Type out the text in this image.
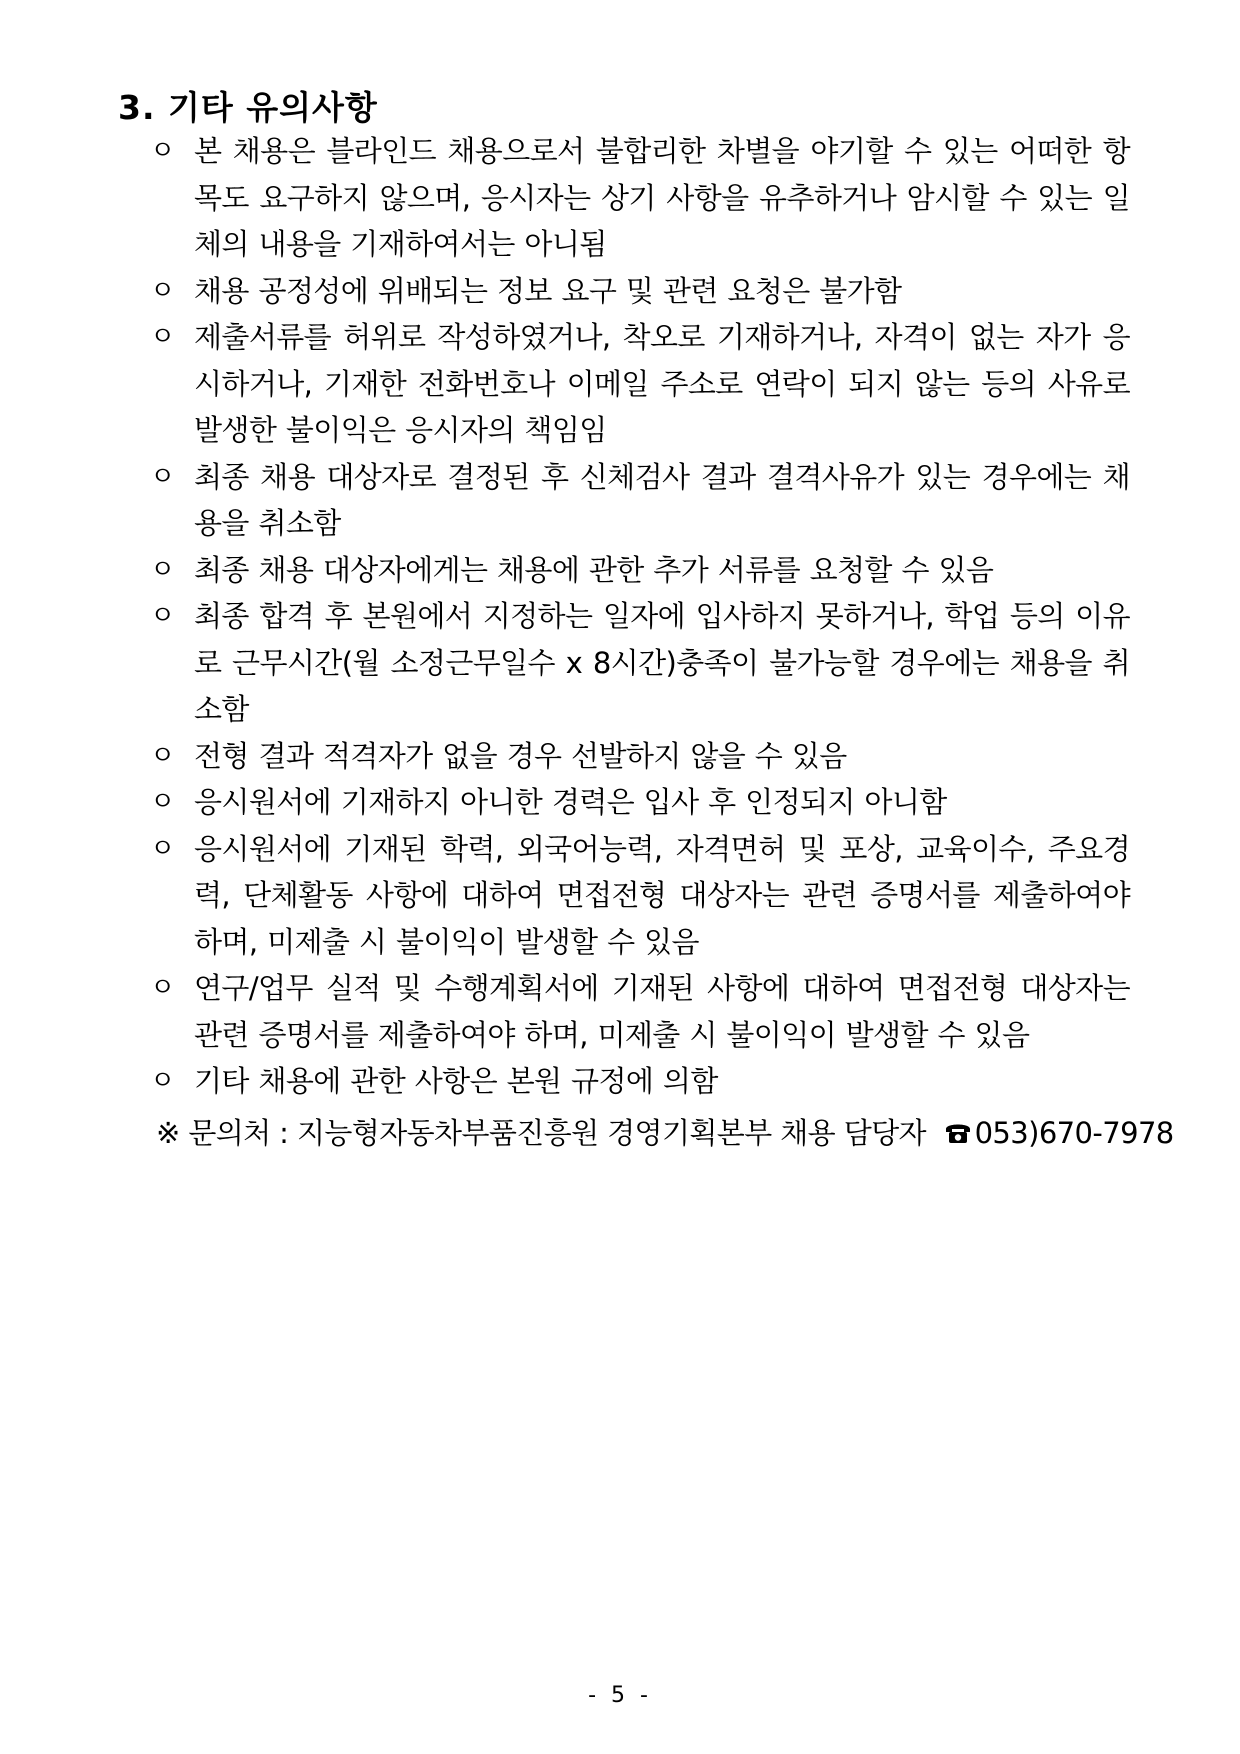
3. 기타 유의사항
ㅇ 본 채용은 블라인드 채용으로서 불합리한 차별을 야기할 수 있는 어떠한 항목도 요구하지 않으며, 응시자는 상기 사항을 유추하거나 암시할 수 있는 일체의 내용을 기재하여서는 아니됨
ㅇ 채용 공정성에 위배되는 정보 요구 및 관련 요청은 불가함
ㅇ 제출서류를 허위로 작성하였거나, 착오로 기재하거나, 자격이 없는 자가 응시하거나, 기재한 전화번호나 이메일 주소로 연락이 되지 않는 등의 사유로 발생한 불이익은 응시자의 책임임
ㅇ 최종 채용 대상자로 결정된 후 신체검사 결과 결격사유가 있는 경우에는 채용을 취소함
ㅇ 최종 채용 대상자에게는 채용에 관한 추가 서류를 요청할 수 있음
ㅇ 최종 합격 후 본원에서 지정하는 일자에 입사하지 못하거나, 학업 등의 이유로 근무시간(월 소정근무일수 x 8시간)충족이 불가능할 경우에는 채용을 취소함
ㅇ 전형 결과 적격자가 없을 경우 선발하지 않을 수 있음
ㅇ 응시원서에 기재하지 아니한 경력은 입사 후 인정되지 아니함
ㅇ 응시원서에 기재된 학력, 외국어능력, 자격면허 및 포상, 교육이수, 주요경력, 단체활동 사항에 대하여 면접전형 대상자는 관련 증명서를 제출하여야 하며, 미제출 시 불이익이 발생할 수 있음
ㅇ 연구/업무 실적 및 수행계획서에 기재된 사항에 대하여 면접전형 대상자는 관련 증명서를 제출하여야 하며, 미제출 시 불이익이 발생할 수 있음
ㅇ 기타 채용에 관한 사항은 본원 규정에 의함
※ 문의처 : 지능형자동차부품진흥원 경영기획본부 채용 담당자 053)670-7978
- 5 -
